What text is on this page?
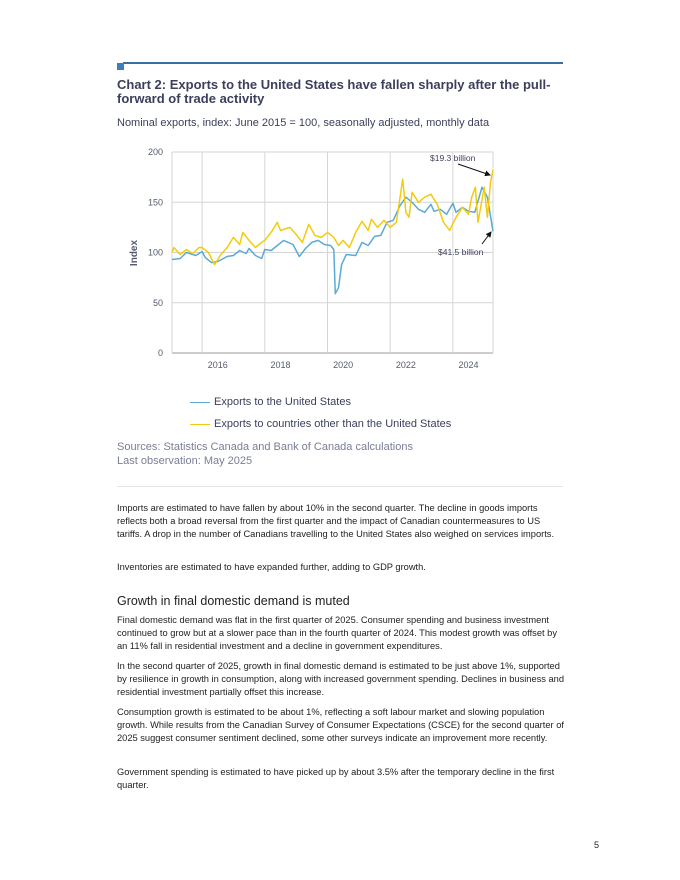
Chart 2: Exports to the United States have fallen sharply after the pull-forward of trade activity
Nominal exports, index: June 2015 = 100, seasonally adjusted, monthly data
0
50
100
150
200
2016	2018	2020	2022	2024
Index
$19.3 billion
$41.5 billion
Exports to the United States
Exports to countries other than the United States
Sources: Statistics Canada and Bank of Canada calculations
Last observation: May 2025
Imports are estimated to have fallen by about 10% in the second quarter. The decline in goods imports reflects both a broad reversal from the first quarter and the impact of Canadian countermeasures to US tariffs. A drop in the number of Canadians travelling to the United States also weighed on services imports.
Inventories are estimated to have expanded further, adding to GDP growth.
Growth in final domestic demand is muted
Final domestic demand was flat in the first quarter of 2025. Consumer spending and business investment continued to grow but at a slower pace than in the fourth quarter of 2024. This modest growth was offset by an 11% fall in residential investment and a decline in government expenditures.
In the second quarter of 2025, growth in final domestic demand is estimated to be just above 1%, supported by resilience in growth in consumption, along with increased government spending. Declines in business and residential investment partially offset this increase.
Consumption growth is estimated to be about 1%, reflecting a soft labour market and slowing population growth. While results from the Canadian Survey of Consumer Expectations (CSCE) for the second quarter of 2025 suggest consumer sentiment declined, some other surveys indicate an improvement more recently.
Government spending is estimated to have picked up by about 3.5% after the temporary decline in the first quarter.
5
